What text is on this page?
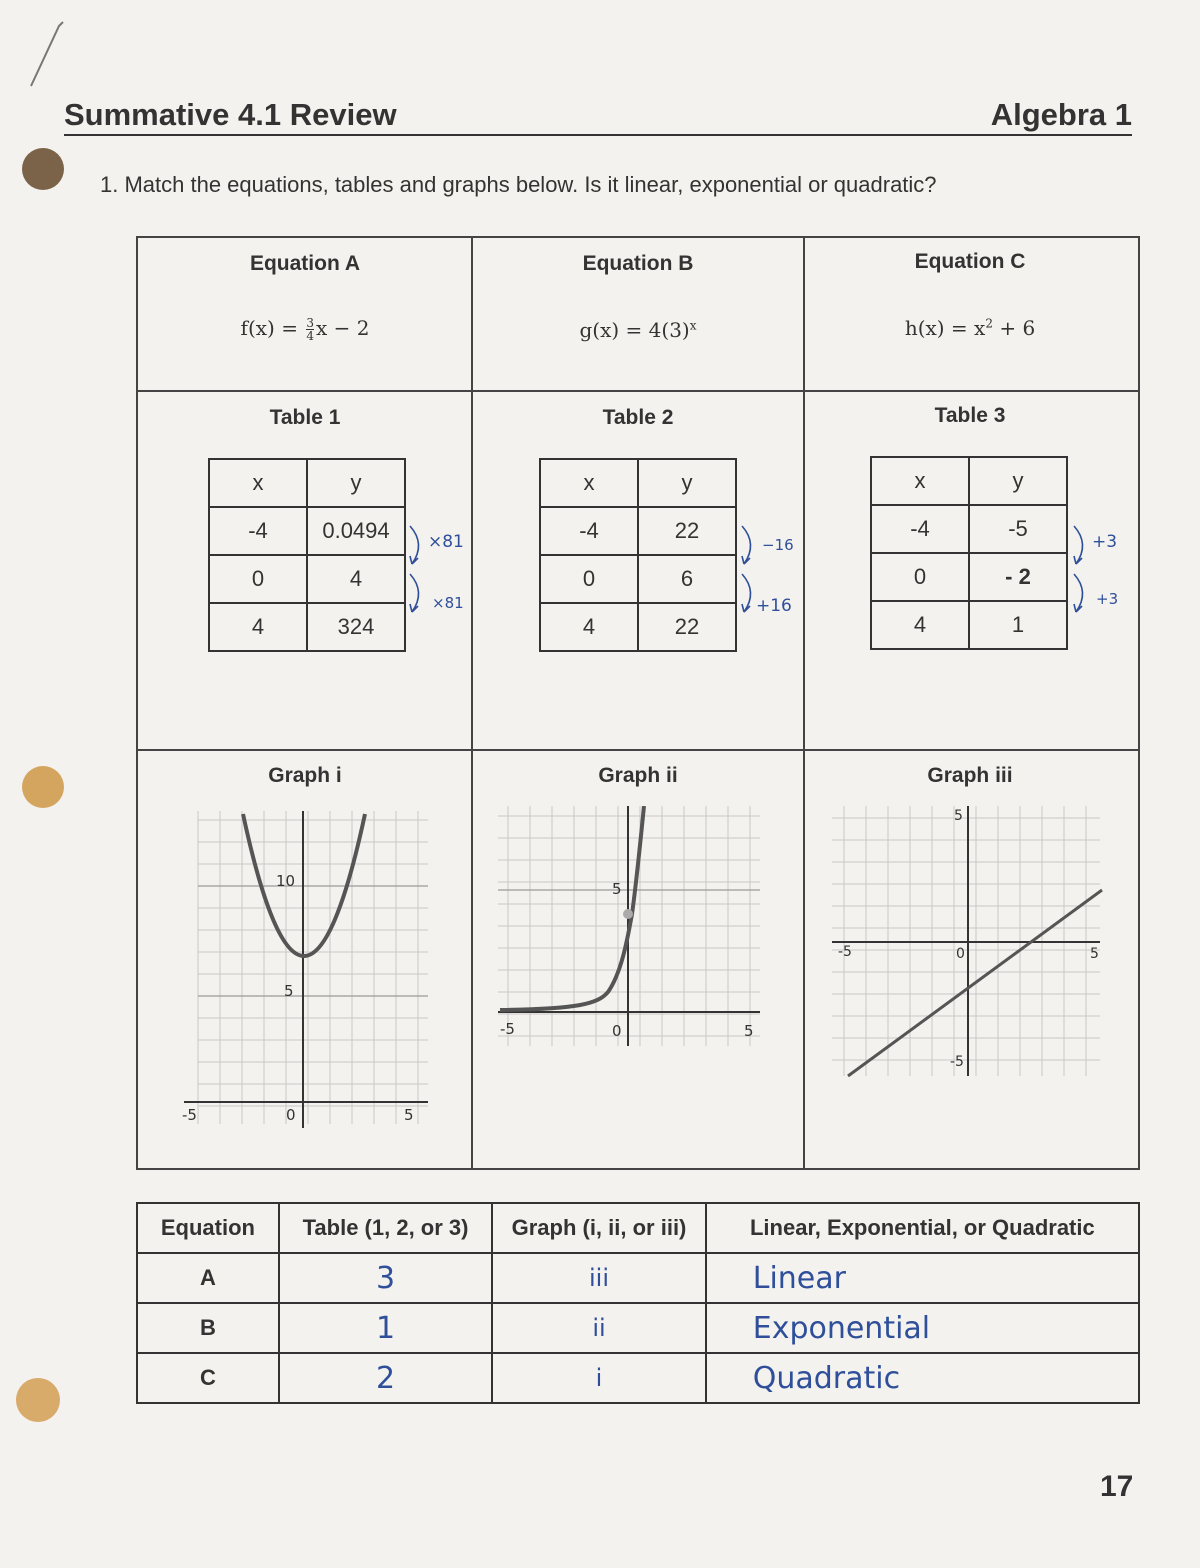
Summative 4.1 Review	Algebra 1
1. Match the equations, tables and graphs below. Is it linear, exponential or quadratic?
Equation A
$f(x) = \frac{3}{4}$ x − 2
Equation B
$g(x) = 4(3)^x$
Equation C
$h(x) = x^2 + 6$
Table 1
x	y
-4	0.0494
0	4
4	324
×81
×81
Table 2
x	y
-4	22
0	6
4	22
−16
+16
Table 3
x	y
-4	-5
0	- 2
4	1
+3
+3
Graph i
10
5
-5	0	5
Graph ii
5
-5	0	5
Graph iii
5
-5
-5	0	5
Equation	Table (1, 2, or 3)	Graph (i, ii, or iii)	Linear, Exponential, or Quadratic
A	3	iii	Linear
B	1	ii	Exponential
C	2	i	Quadratic
17
